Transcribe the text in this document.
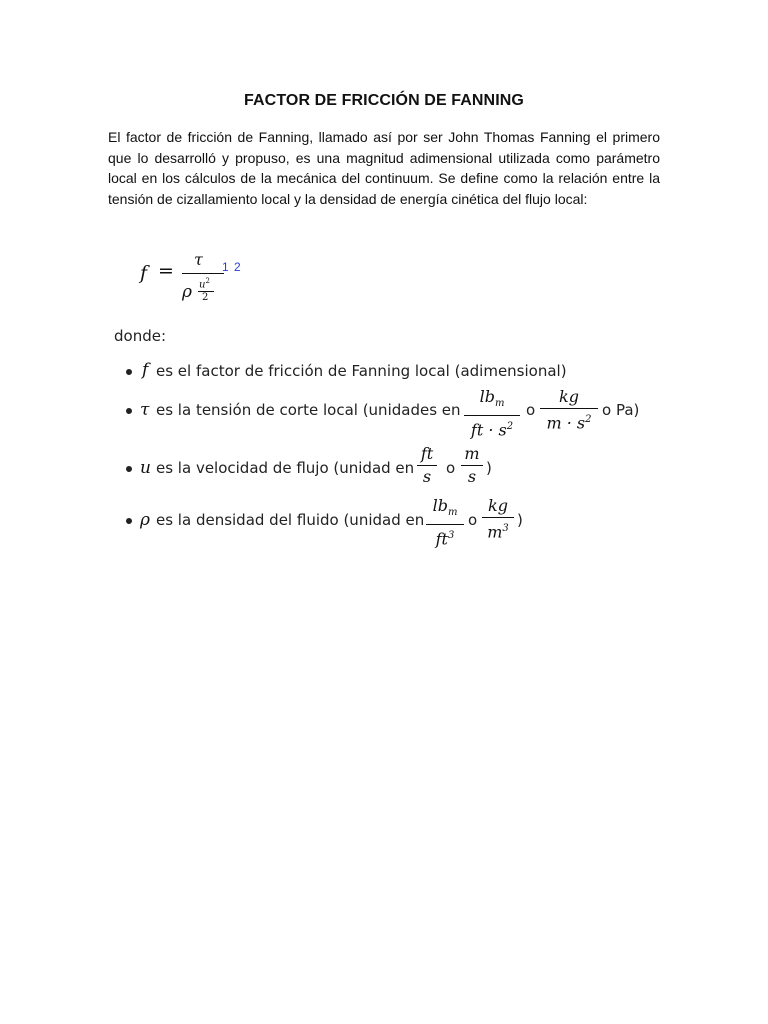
FACTOR DE FRICCIÓN DE FANNING

El factor de fricción de Fanning, llamado así por ser John Thomas Fanning el primero que lo desarrolló y propuso, es una magnitud adimensional utilizada como parámetro local en los cálculos de la mecánica del continuum. Se define como la relación entre la tensión de cizallamiento local y la densidad de energía cinética del flujo local:

f =
τ
ρ $u^2$
2
1 2
donde:
f es el factor de fricción de Fanning local (adimensional)
τ es la tensión de corte local (unidades en
$lb_m$
ft · $s^2$
o
kg
$m \cdot s^2$
o Pa)
u es la velocidad de flujo (unidad en
ft
s o
m
s )
ρ es la densidad del fluido (unidad en
$lb_m$
$ft^3$
o
kg
$m^3$ )
